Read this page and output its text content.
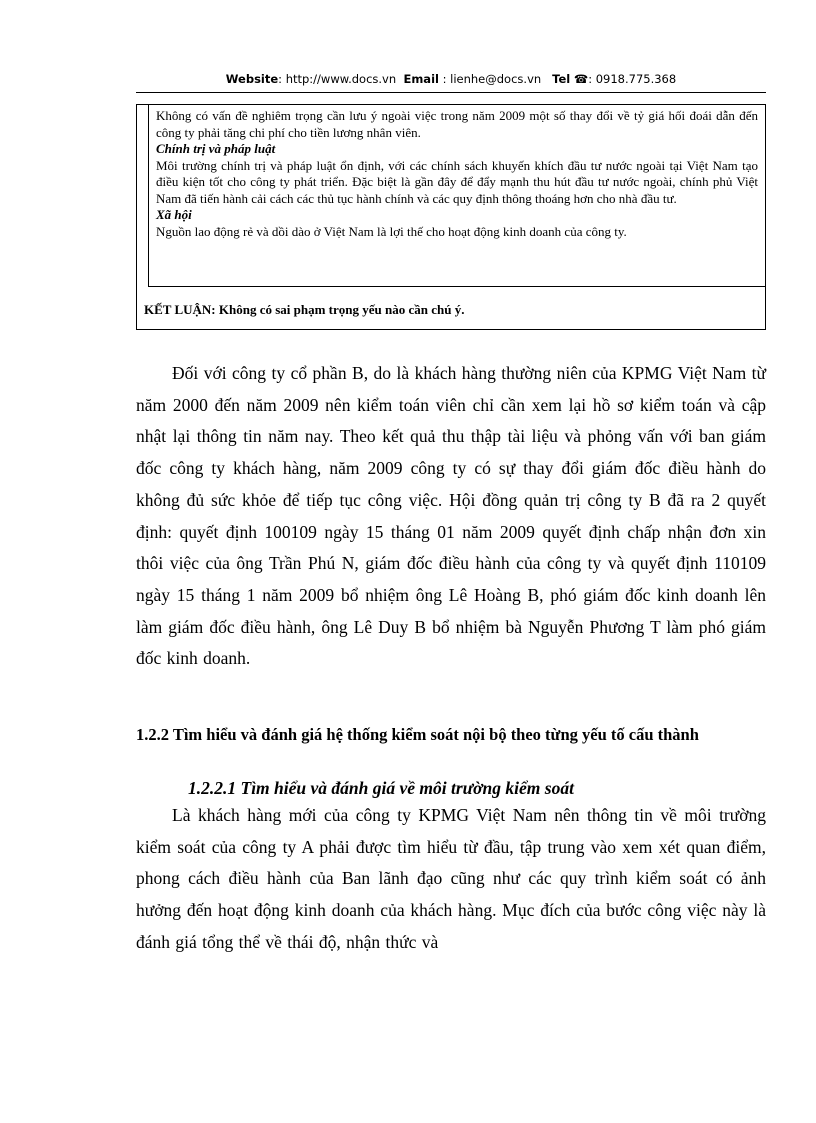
Website: http://www.docs.vn Email : lienhe@docs.vn Tel ☎: 0918.775.368

Không có vấn đề nghiêm trọng cần lưu ý ngoài việc trong năm 2009 một số thay đổi về tỷ giá hối đoái dẫn đến công ty phải tăng chi phí cho tiền lương nhân viên.

Chính trị và pháp luật

Môi trường chính trị và pháp luật ổn định, với các chính sách khuyến khích đầu tư nước ngoài tại Việt Nam tạo điều kiện tốt cho công ty phát triển. Đặc biệt là gần đây để đẩy mạnh thu hút đầu tư nước ngoài, chính phủ Việt Nam đã tiến hành cải cách các thủ tục hành chính và các quy định thông thoáng hơn cho nhà đầu tư.

Xã hội

Nguồn lao động rẻ và dồi dào ở Việt Nam là lợi thế cho hoạt động kinh doanh của công ty.

KẾT LUẬN: Không có sai phạm trọng yếu nào cần chú ý.

Đối với công ty cổ phần B, do là khách hàng thường niên của KPMG Việt Nam từ năm 2000 đến năm 2009 nên kiểm toán viên chỉ cần xem lại hồ sơ kiểm toán và cập nhật lại thông tin năm nay. Theo kết quả thu thập tài liệu và phỏng vấn với ban giám đốc công ty khách hàng, năm 2009 công ty có sự thay đổi giám đốc điều hành do không đủ sức khỏe để tiếp tục công việc. Hội đồng quản trị công ty B đã ra 2 quyết định: quyết định 100109 ngày 15 tháng 01 năm 2009 quyết định chấp nhận đơn xin thôi việc của ông Trần Phú N, giám đốc điều hành của công ty và quyết định 110109 ngày 15 tháng 1 năm 2009 bổ nhiệm ông Lê Hoàng B, phó giám đốc kinh doanh lên làm giám đốc điều hành, ông Lê Duy B bổ nhiệm bà Nguyễn Phương T làm phó giám đốc kinh doanh.

1.2.2 Tìm hiểu và đánh giá hệ thống kiểm soát nội bộ theo từng yếu tố cấu thành

1.2.2.1 Tìm hiểu và đánh giá về môi trường kiểm soát

Là khách hàng mới của công ty KPMG Việt Nam nên thông tin về môi trường kiểm soát của công ty A phải được tìm hiểu từ đầu, tập trung vào xem xét quan điểm, phong cách điều hành của Ban lãnh đạo cũng như các quy trình kiểm soát có ảnh hưởng đến hoạt động kinh doanh của khách hàng. Mục đích của bước công việc này là đánh giá tổng thể về thái độ, nhận thức và
